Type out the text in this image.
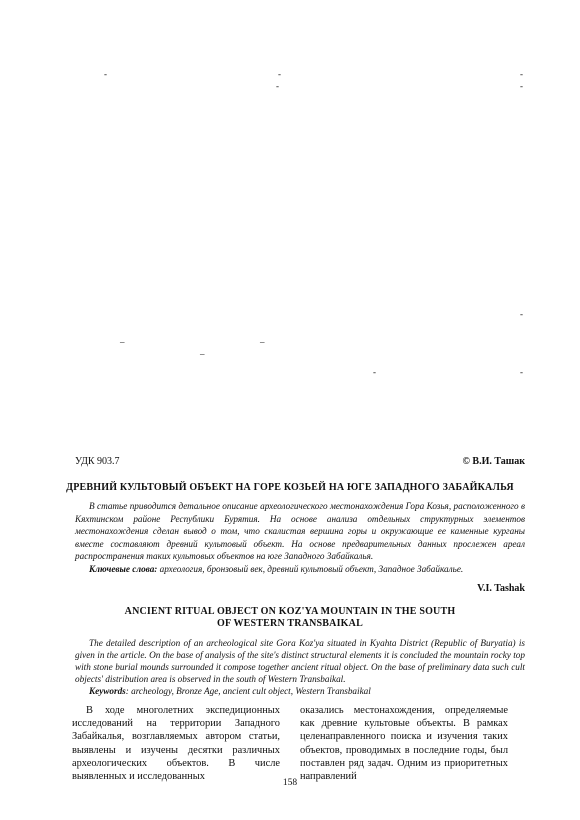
-	-	-
-	-
-
–	–
–
-	-
УДК 903.7	© В.И. Ташак
ДРЕВНИЙ КУЛЬТОВЫЙ ОБЪЕКТ НА ГОРЕ КОЗЬЕЙ НА ЮГЕ ЗАПАДНОГО ЗАБАЙКАЛЬЯ
В статье приводится детальное описание археологического местонахождения Гора Козья, расположенного в Кяхтинском районе Республики Бурятия. На основе анализа отдельных структурных элементов местонахождения сделан вывод о том, что скалистая вершина горы и окружающие ее каменные курганы вместе составляют древний культовый объект. На основе предварительных данных прослежен ареал распространения таких культовых объектов на юге Западного Забайкалья.
Ключевые слова: археология, бронзовый век, древний культовый объект, Западное Забайкалье.
V.I. Tashak
ANCIENT RITUAL OBJECT ON KOZ'YA MOUNTAIN IN THE SOUTH
OF WESTERN TRANSBAIKAL
The detailed description of an archeological site Gora Koz'ya situated in Kyahta District (Republic of Buryatia) is given in the article. On the base of analysis of the site's distinct structural elements it is concluded the mountain rocky top with stone burial mounds surrounded it compose together ancient ritual object. On the base of preliminary data such cult objects' distribution area is observed in the south of Western Transbaikal.
Keywords: archeology, Bronze Age, ancient cult object, Western Transbaikal

В ходе многолетних экспедиционных исследований на территории Западного Забайкалья, возглавляемых автором статьи, выявлены и изучены десятки различных археологических объектов. В числе выявленных и исследованных

оказались местонахождения, определяемые как древние культовые объекты. В рамках целенаправленного поиска и изучения таких объектов, проводимых в последние годы, был поставлен ряд задач. Одним из приоритетных направлений

158
